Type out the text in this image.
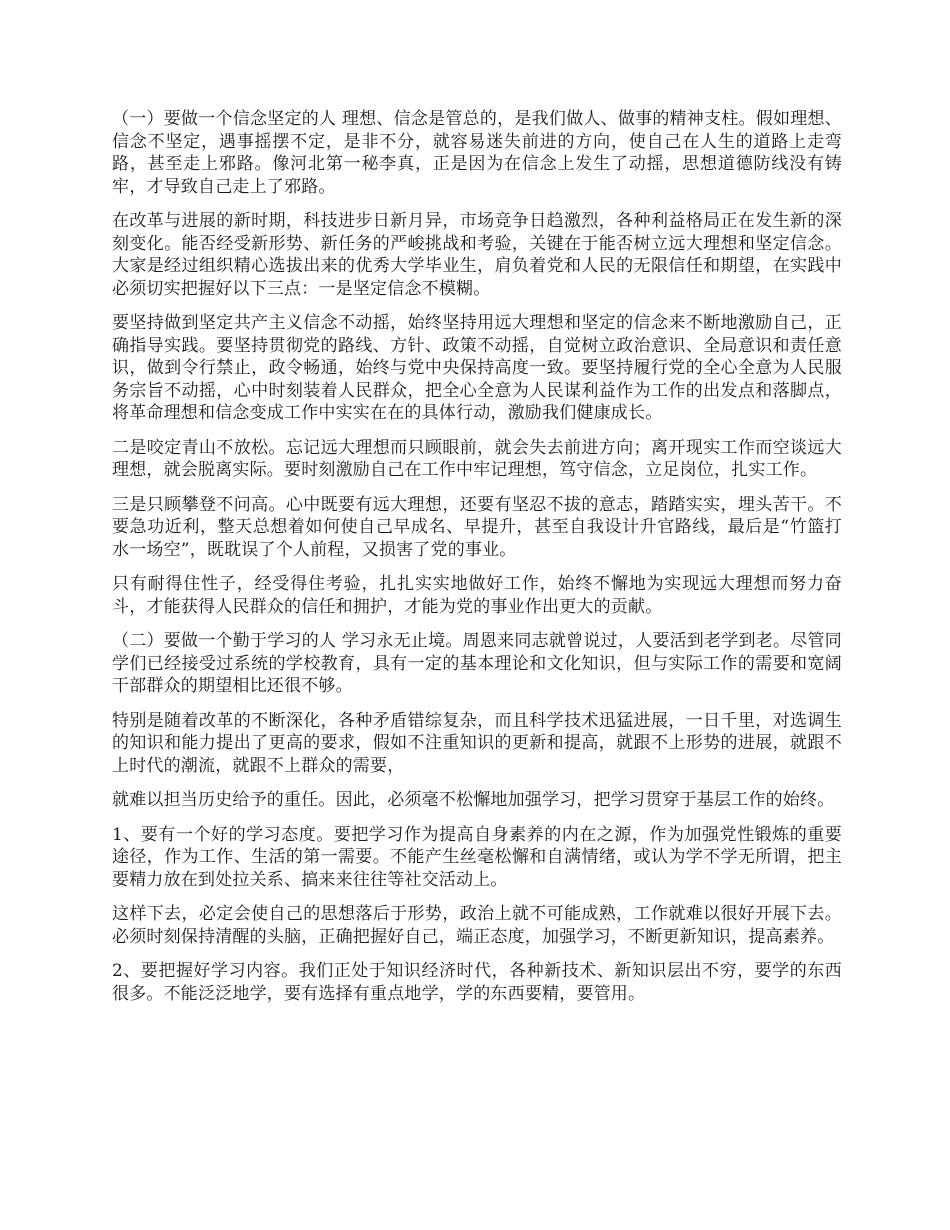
（一）要做一个信念坚定的人 理想、信念是管总的，是我们做人、做事的精神支柱。假如理想、信念不坚定，遇事摇摆不定，是非不分，就容易迷失前进的方向，使自己在人生的道路上走弯路，甚至走上邪路。像河北第一秘李真，正是因为在信念上发生了动摇，思想道德防线没有铸牢，才导致自己走上了邪路。

在改革与进展的新时期，科技进步日新月异，市场竞争日趋激烈，各种利益格局正在发生新的深刻变化。能否经受新形势、新任务的严峻挑战和考验，关键在于能否树立远大理想和坚定信念。大家是经过组织精心选拔出来的优秀大学毕业生，肩负着党和人民的无限信任和期望，在实践中必须切实把握好以下三点：一是坚定信念不模糊。

要坚持做到坚定共产主义信念不动摇，始终坚持用远大理想和坚定的信念来不断地激励自己，正确指导实践。要坚持贯彻党的路线、方针、政策不动摇，自觉树立政治意识、全局意识和责任意识，做到令行禁止，政令畅通，始终与党中央保持高度一致。要坚持履行党的全心全意为人民服务宗旨不动摇，心中时刻装着人民群众，把全心全意为人民谋利益作为工作的出发点和落脚点，将革命理想和信念变成工作中实实在在的具体行动，激励我们健康成长。

二是咬定青山不放松。忘记远大理想而只顾眼前，就会失去前进方向；离开现实工作而空谈远大理想，就会脱离实际。要时刻激励自己在工作中牢记理想，笃守信念，立足岗位，扎实工作。

三是只顾攀登不问高。心中既要有远大理想，还要有坚忍不拔的意志，踏踏实实，埋头苦干。不要急功近利，整天总想着如何使自己早成名、早提升，甚至自我设计升官路线，最后是“竹篮打水一场空”，既耽误了个人前程，又损害了党的事业。

只有耐得住性子，经受得住考验，扎扎实实地做好工作，始终不懈地为实现远大理想而努力奋斗，才能获得人民群众的信任和拥护，才能为党的事业作出更大的贡献。

（二）要做一个勤于学习的人 学习永无止境。周恩来同志就曾说过，人要活到老学到老。尽管同学们已经接受过系统的学校教育，具有一定的基本理论和文化知识，但与实际工作的需要和宽阔干部群众的期望相比还很不够。

特别是随着改革的不断深化，各种矛盾错综复杂，而且科学技术迅猛进展，一日千里，对选调生的知识和能力提出了更高的要求，假如不注重知识的更新和提高，就跟不上形势的进展，就跟不上时代的潮流，就跟不上群众的需要，

就难以担当历史给予的重任。因此，必须毫不松懈地加强学习，把学习贯穿于基层工作的始终。

1、要有一个好的学习态度。要把学习作为提高自身素养的内在之源，作为加强党性锻炼的重要途径，作为工作、生活的第一需要。不能产生丝毫松懈和自满情绪，或认为学不学无所谓，把主要精力放在到处拉关系、搞来来往往等社交活动上。

这样下去，必定会使自己的思想落后于形势，政治上就不可能成熟，工作就难以很好开展下去。必须时刻保持清醒的头脑，正确把握好自己，端正态度，加强学习，不断更新知识，提高素养。

2、要把握好学习内容。我们正处于知识经济时代，各种新技术、新知识层出不穷，要学的东西很多。不能泛泛地学，要有选择有重点地学，学的东西要精，要管用。
